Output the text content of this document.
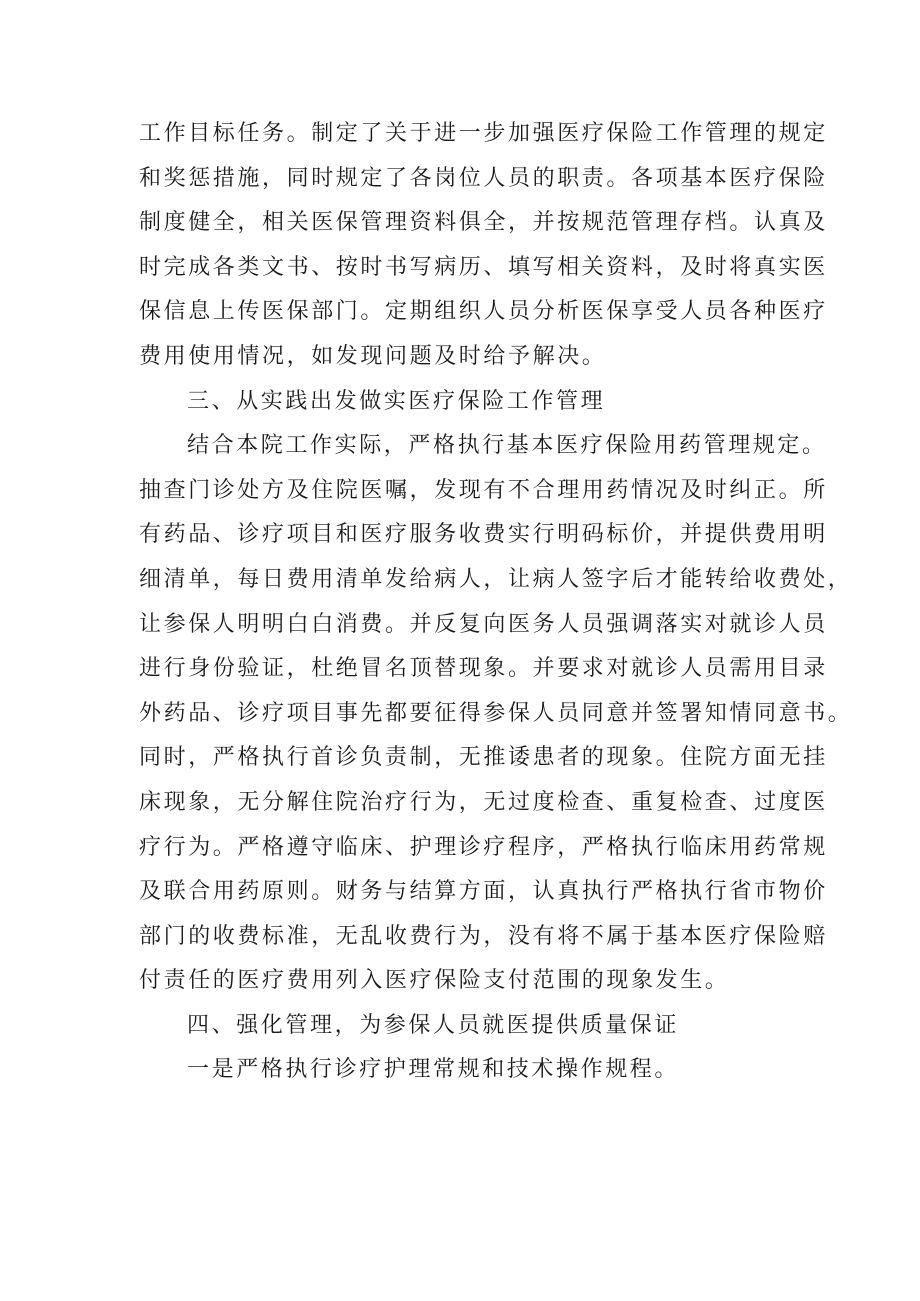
工作目标任务。制定了关于进一步加强医疗保险工作管理的规定

和奖惩措施，同时规定了各岗位人员的职责。各项基本医疗保险

制度健全，相关医保管理资料俱全，并按规范管理存档。认真及

时完成各类文书、按时书写病历、填写相关资料，及时将真实医

保信息上传医保部门。定期组织人员分析医保享受人员各种医疗

费用使用情况，如发现问题及时给予解决。

三、从实践出发做实医疗保险工作管理

结合本院工作实际，严格执行基本医疗保险用药管理规定。

抽查门诊处方及住院医嘱，发现有不合理用药情况及时纠正。所

有药品、诊疗项目和医疗服务收费实行明码标价，并提供费用明

细清单，每日费用清单发给病人，让病人签字后才能转给收费处，

让参保人明明白白消费。并反复向医务人员强调落实对就诊人员

进行身份验证，杜绝冒名顶替现象。并要求对就诊人员需用目录

外药品、诊疗项目事先都要征得参保人员同意并签署知情同意书。

同时，严格执行首诊负责制，无推诿患者的现象。住院方面无挂

床现象，无分解住院治疗行为，无过度检查、重复检查、过度医

疗行为。严格遵守临床、护理诊疗程序，严格执行临床用药常规

及联合用药原则。财务与结算方面，认真执行严格执行省市物价

部门的收费标准，无乱收费行为，没有将不属于基本医疗保险赔

付责任的医疗费用列入医疗保险支付范围的现象发生。

四、强化管理，为参保人员就医提供质量保证

一是严格执行诊疗护理常规和技术操作规程。
